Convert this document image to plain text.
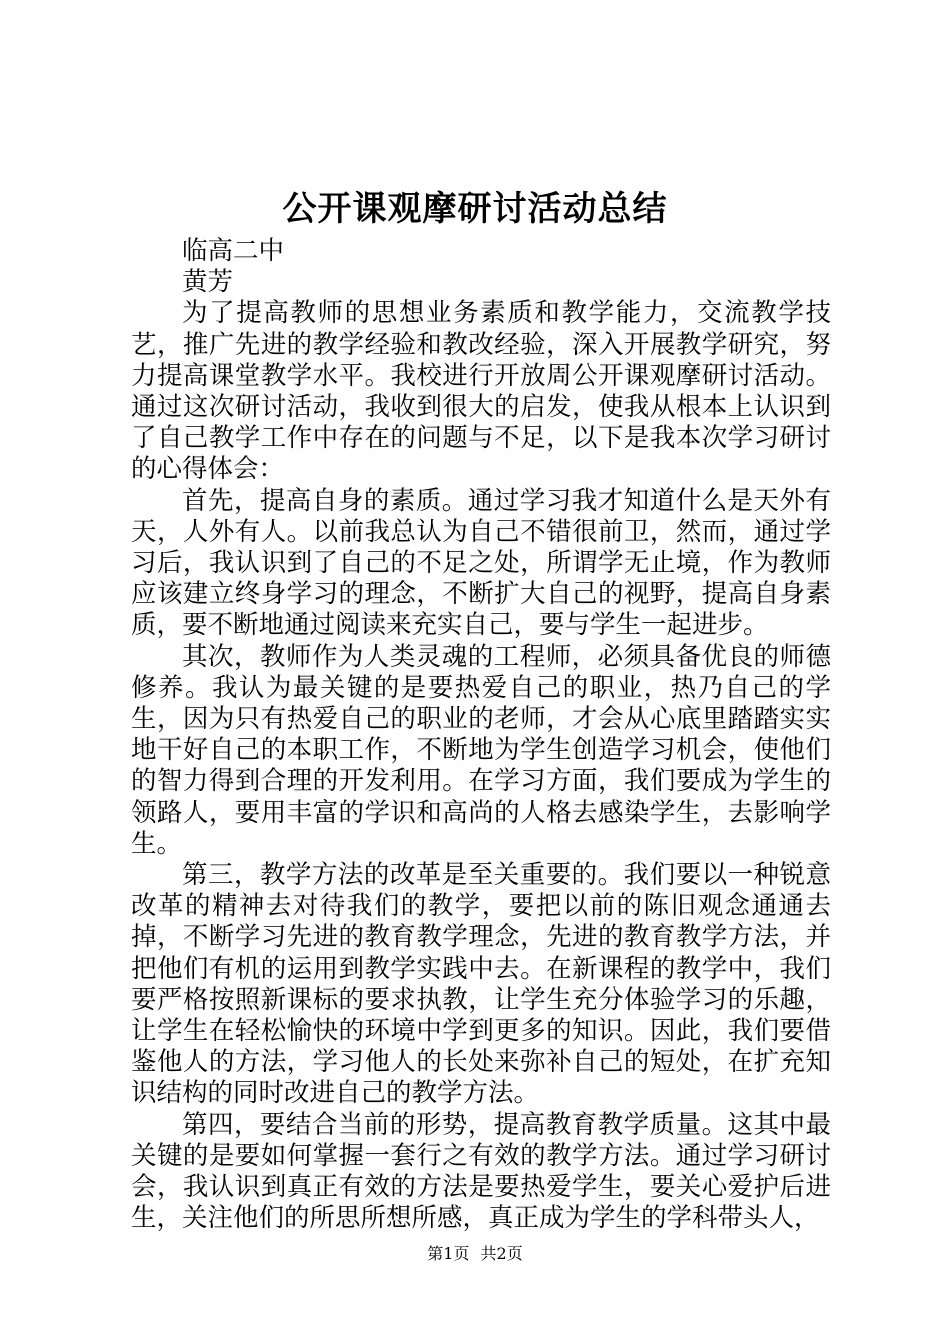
公开课观摩研讨活动总结

临高二中

黄芳

为了提高教师的思想业务素质和教学能力，交流教学技艺，推广先进的教学经验和教改经验，深入开展教学研究，努力提高课堂教学水平。我校进行开放周公开课观摩研讨活动。通过这次研讨活动，我收到很大的启发，使我从根本上认识到了自己教学工作中存在的问题与不足，以下是我本次学习研讨的心得体会：

首先，提高自身的素质。通过学习我才知道什么是天外有天，人外有人。以前我总认为自己不错很前卫，然而，通过学习后，我认识到了自己的不足之处，所谓学无止境，作为教师应该建立终身学习的理念，不断扩大自己的视野，提高自身素质，要不断地通过阅读来充实自己，要与学生一起进步。

其次，教师作为人类灵魂的工程师，必须具备优良的师德修养。我认为最关键的是要热爱自己的职业，热乃自己的学生，因为只有热爱自己的职业的老师，才会从心底里踏踏实实地干好自己的本职工作，不断地为学生创造学习机会，使他们的智力得到合理的开发利用。在学习方面，我们要成为学生的领路人，要用丰富的学识和高尚的人格去感染学生，去影响学生。

第三，教学方法的改革是至关重要的。我们要以一种锐意改革的精神去对待我们的教学，要把以前的陈旧观念通通去掉，不断学习先进的教育教学理念，先进的教育教学方法，并把他们有机的运用到教学实践中去。在新课程的教学中，我们要严格按照新课标的要求执教，让学生充分体验学习的乐趣，让学生在轻松愉快的环境中学到更多的知识。因此，我们要借鉴他人的方法，学习他人的长处来弥补自己的短处，在扩充知识结构的同时改进自己的教学方法。

第四，要结合当前的形势，提高教育教学质量。这其中最关键的是要如何掌握一套行之有效的教学方法。通过学习研讨会，我认识到真正有效的方法是要热爱学生，要关心爱护后进生，关注他们的所思所想所感，真正成为学生的学科带头人，

第1页 共2页
